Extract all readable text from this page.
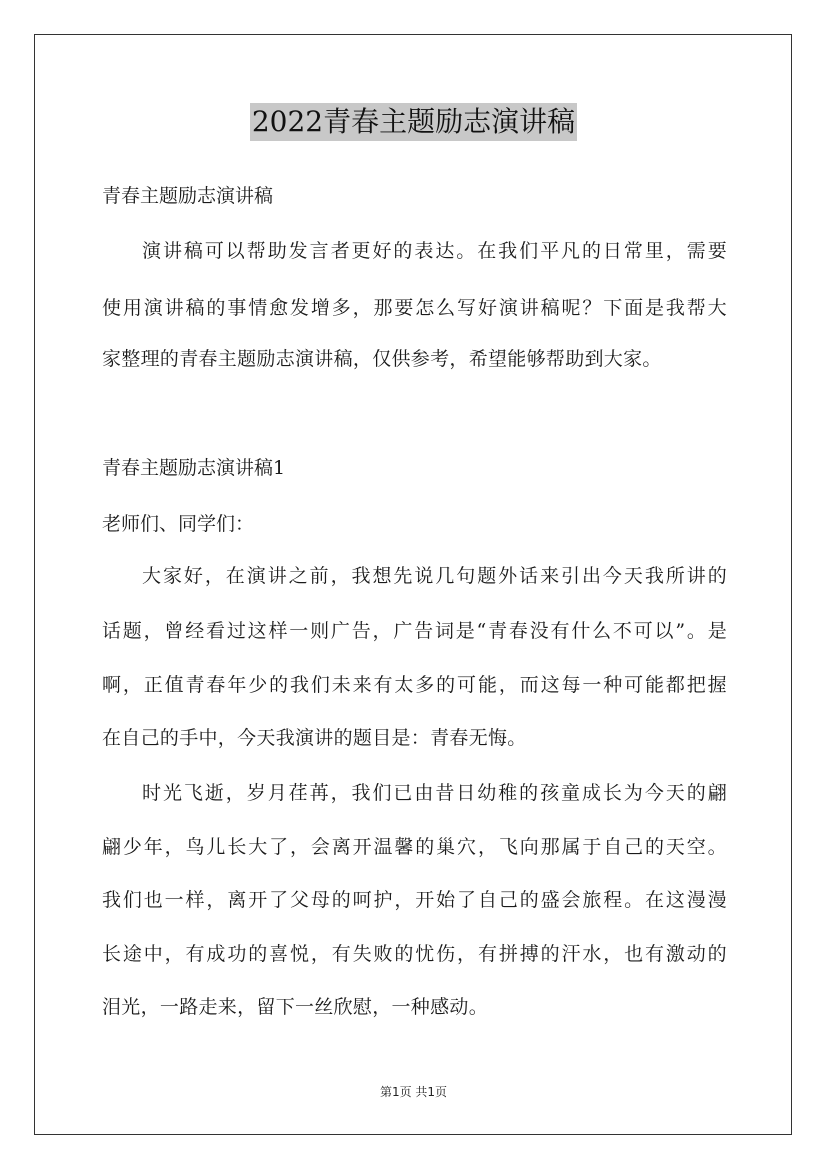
2022青春主题励志演讲稿
青春主题励志演讲稿
演讲稿可以帮助发言者更好的表达。在我们平凡的日常里，需要
使用演讲稿的事情愈发增多，那要怎么写好演讲稿呢？下面是我帮大
家整理的青春主题励志演讲稿，仅供参考，希望能够帮助到大家。
青春主题励志演讲稿1
老师们、同学们：
大家好，在演讲之前，我想先说几句题外话来引出今天我所讲的
话题，曾经看过这样一则广告，广告词是“青春没有什么不可以”。是
啊，正值青春年少的我们未来有太多的可能，而这每一种可能都把握
在自己的手中，今天我演讲的题目是：青春无悔。
时光飞逝，岁月荏苒，我们已由昔日幼稚的孩童成长为今天的翩
翩少年，鸟儿长大了，会离开温馨的巢穴，飞向那属于自己的天空。
我们也一样，离开了父母的呵护，开始了自己的盛会旅程。在这漫漫
长途中，有成功的喜悦，有失败的忧伤，有拼搏的汗水，也有激动的
泪光，一路走来，留下一丝欣慰，一种感动。
第1页 共1页
